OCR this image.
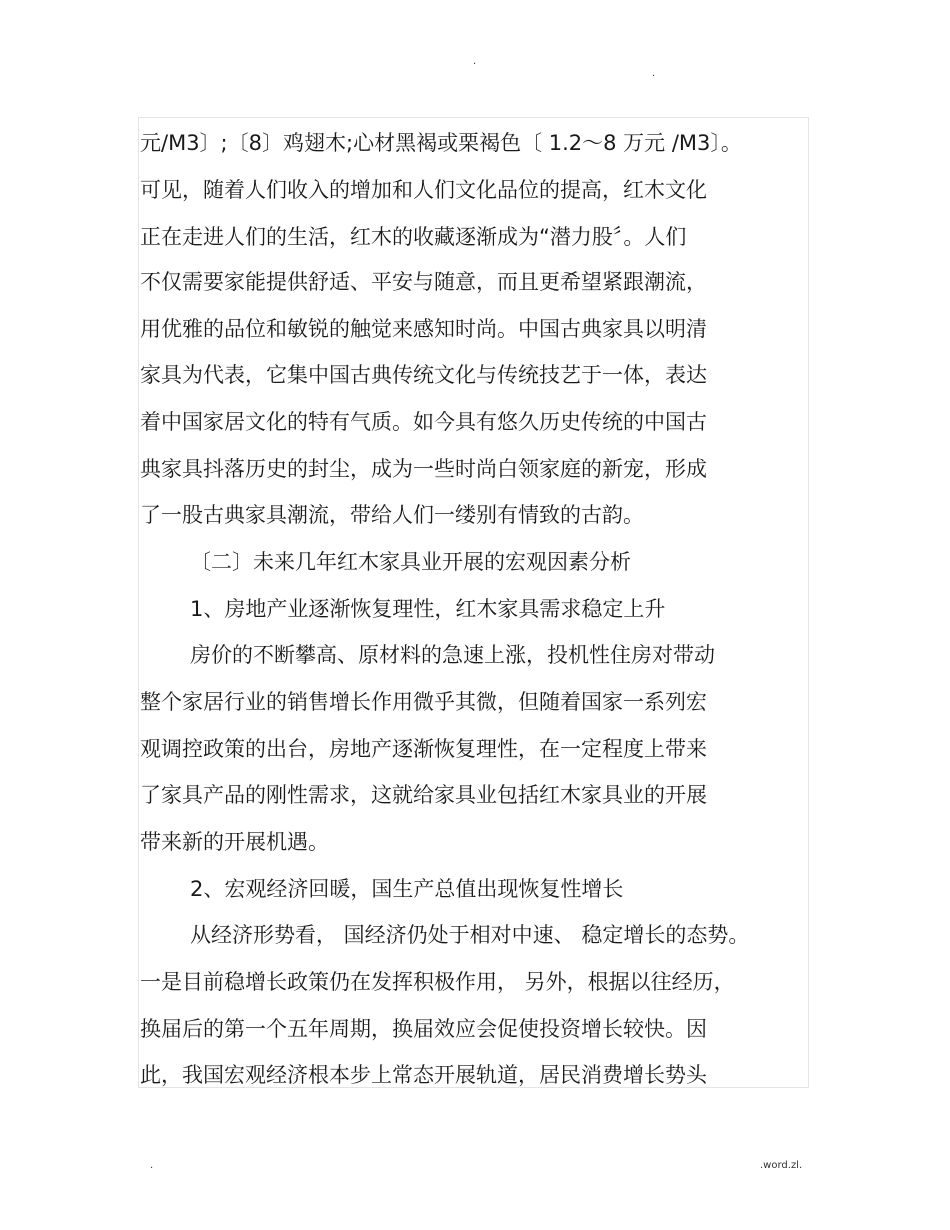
·
·
元/M3〕;〔8〕鸡翅木;心材黑褐或栗褐色〔 1.2～8 万元 /M3〕。
可见，随着人们收入的增加和人们文化品位的提高，红木文化
正在走进人们的生活，红木的收藏逐渐成为“潜力股〞。人们
不仅需要家能提供舒适、平安与随意，而且更希望紧跟潮流，
用优雅的品位和敏锐的触觉来感知时尚。中国古典家具以明清
家具为代表，它集中国古典传统文化与传统技艺于一体，表达
着中国家居文化的特有气质。如今具有悠久历史传统的中国古
典家具抖落历史的封尘，成为一些时尚白领家庭的新宠，形成
了一股古典家具潮流，带给人们一缕别有情致的古韵。
〔二〕未来几年红木家具业开展的宏观因素分析
1、房地产业逐渐恢复理性，红木家具需求稳定上升
房价的不断攀高、原材料的急速上涨，投机性住房对带动
整个家居行业的销售增长作用微乎其微，但随着国家一系列宏
观调控政策的出台，房地产逐渐恢复理性，在一定程度上带来
了家具产品的刚性需求，这就给家具业包括红木家具业的开展
带来新的开展机遇。
2、宏观经济回暖，国生产总值出现恢复性增长
从经济形势看， 国经济仍处于相对中速、 稳定增长的态势。
一是目前稳增长政策仍在发挥积极作用， 另外，根据以往经历，
换届后的第一个五年周期，换届效应会促使投资增长较快。因
此，我国宏观经济根本步上常态开展轨道，居民消费增长势头
.	.word.zl.
